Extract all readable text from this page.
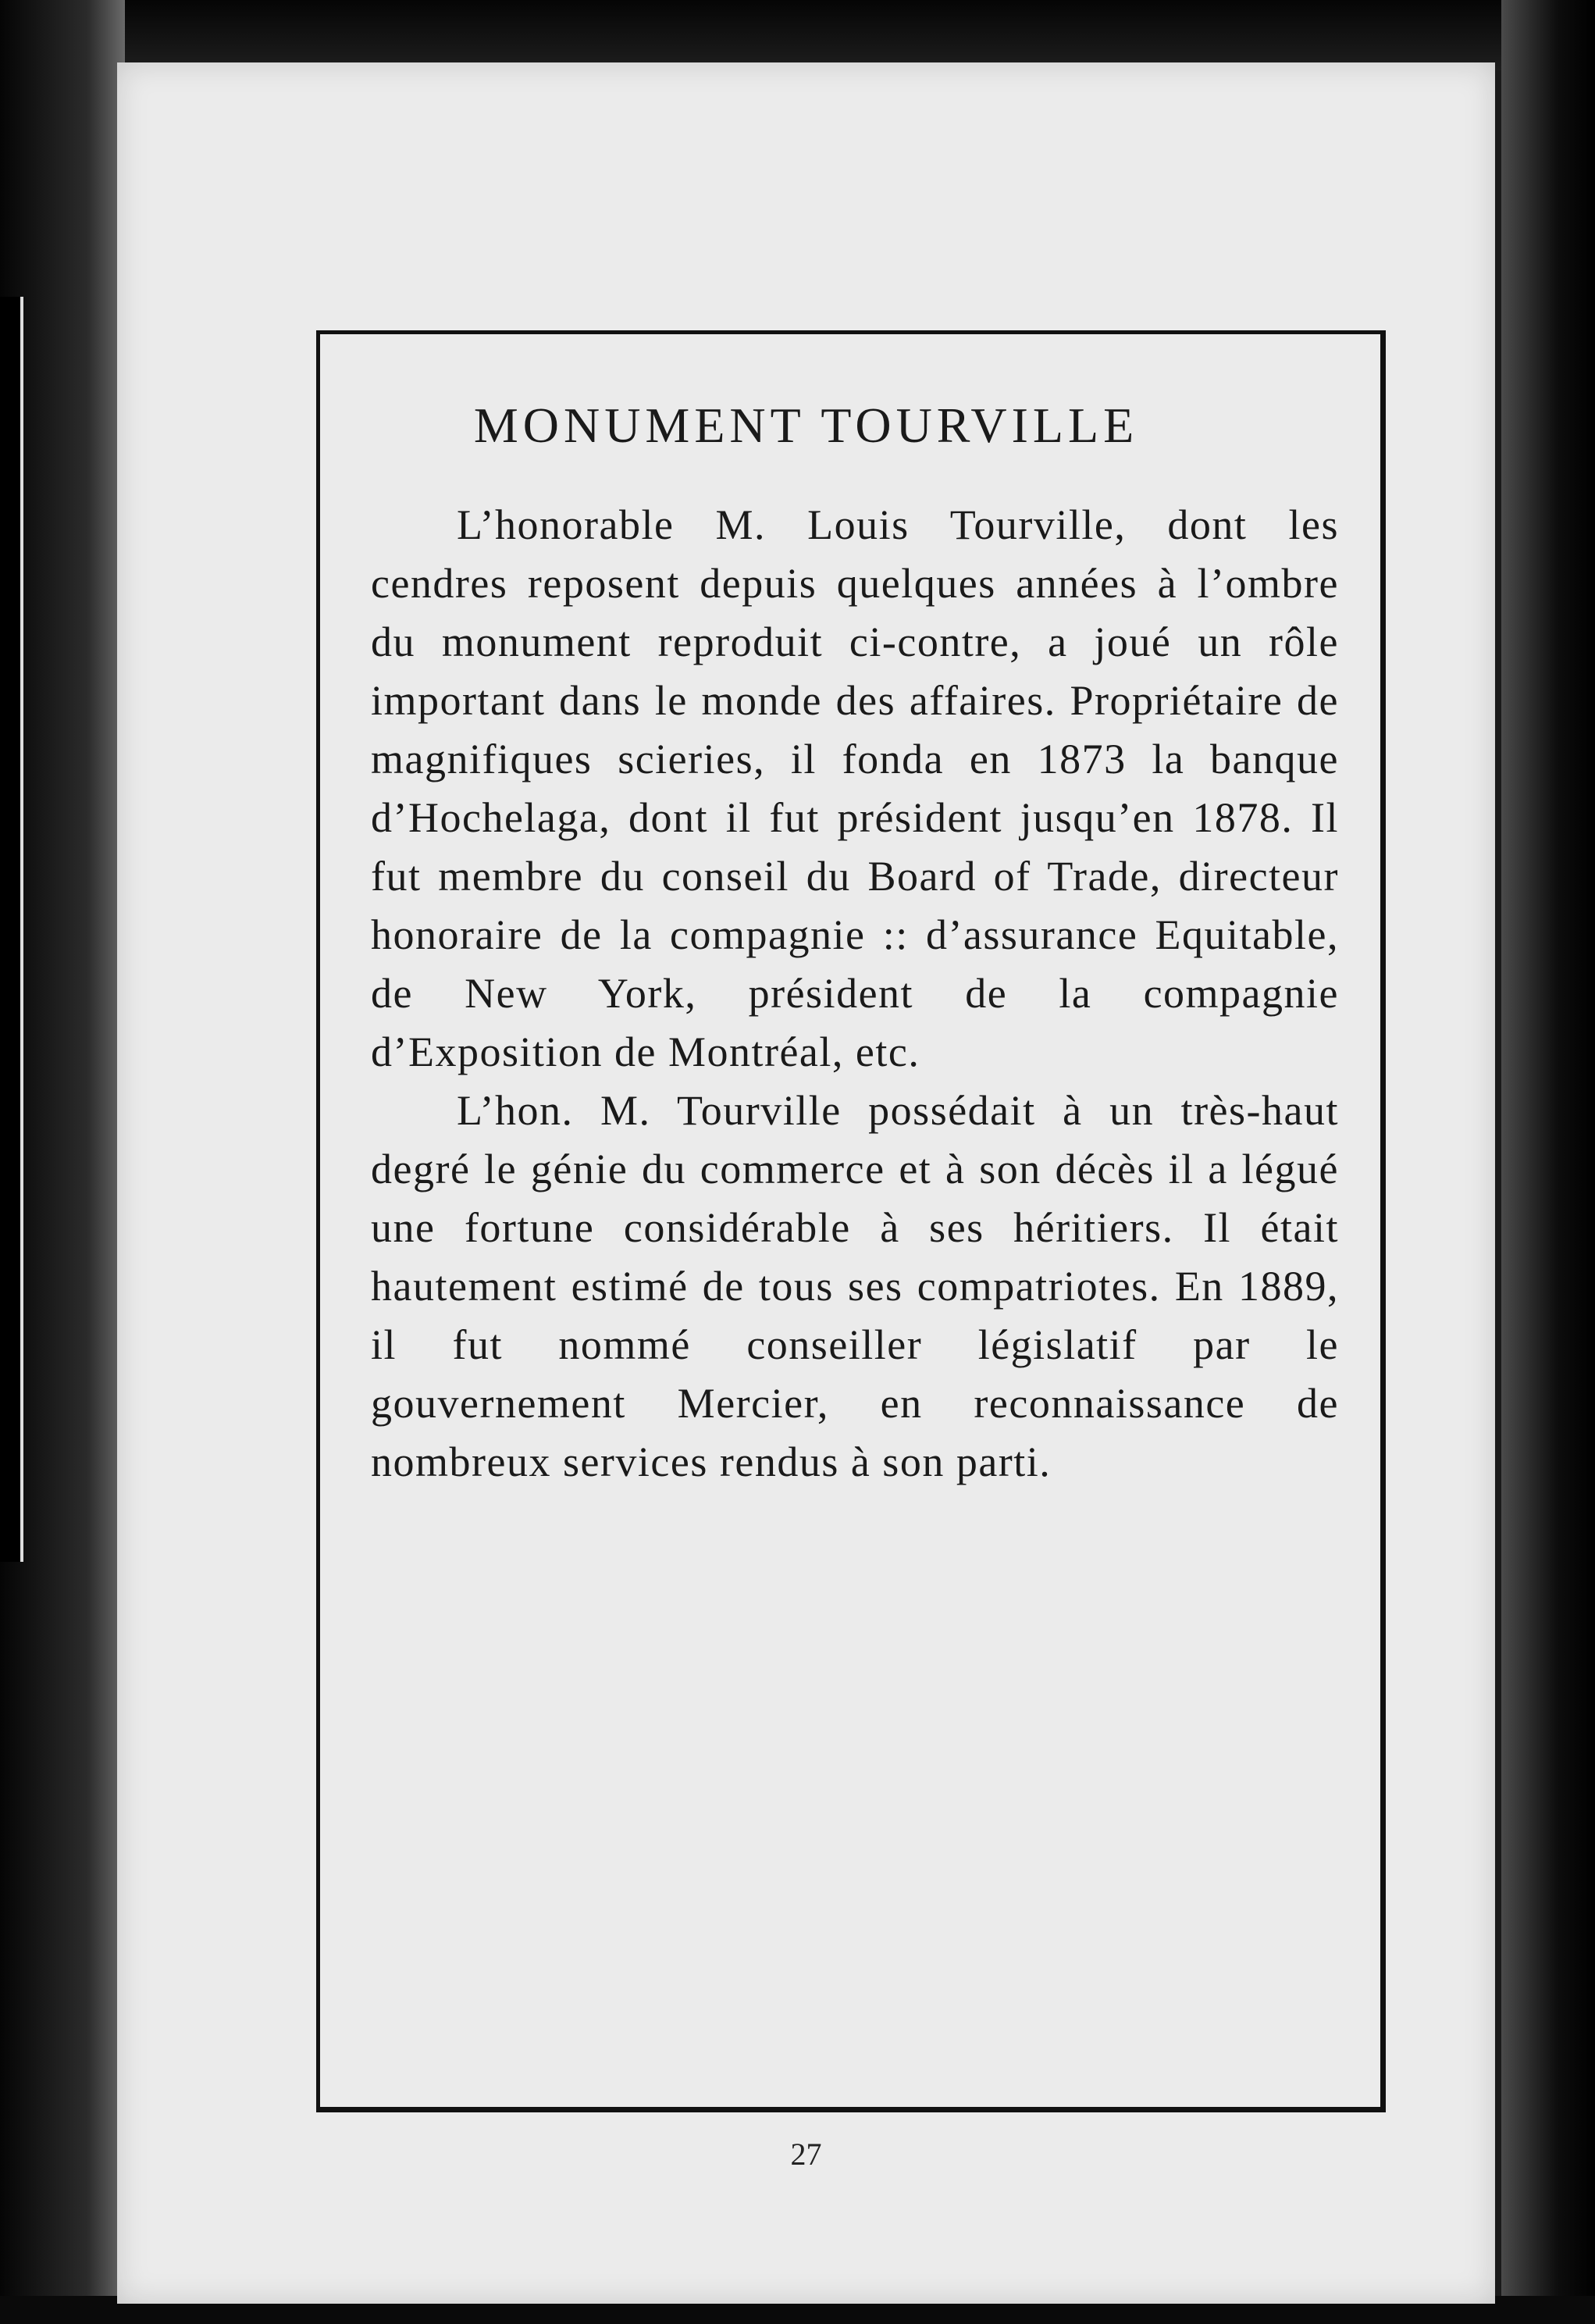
MONUMENT TOURVILLE

L’honorable M. Louis Tourville, dont les cendres reposent depuis quelques années à l’ombre du monument reproduit ci-contre, a joué un rôle important dans le monde des affaires. Propriétaire de magnifiques scieries, il fonda en 1873 la banque d’Hochelaga, dont il fut président jusqu’en 1878. Il fut membre du conseil du Board of Trade, directeur honoraire de la compagnie :: d’assurance Equitable, de New York, président de la compagnie d’Exposition de Montréal, etc.

L’hon. M. Tourville possédait à un très-haut degré le génie du commerce et à son décès il a légué une fortune considérable à ses héritiers. Il était hautement estimé de tous ses compatriotes. En 1889, il fut nommé conseiller législatif par le gouvernement Mercier, en reconnaissance de nombreux services rendus à son parti.

27
